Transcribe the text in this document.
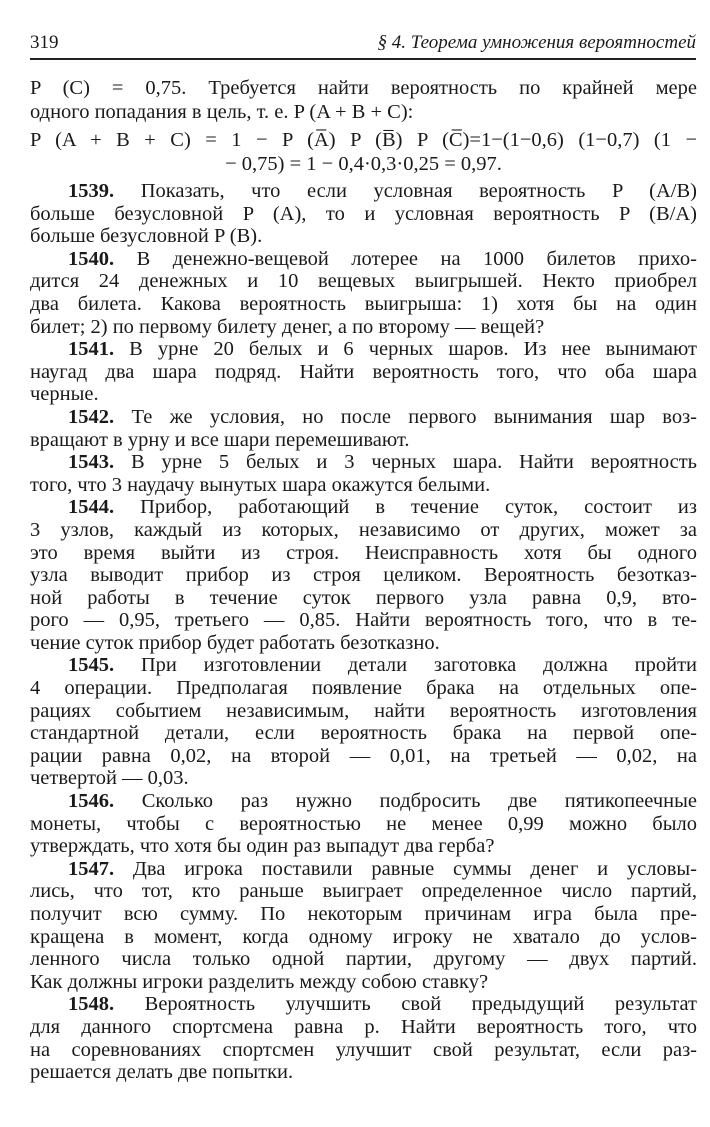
319	§ 4. Теорема умножения вероятностей
P (C) = 0,75. Требуется найти вероятность по крайней мере
одного попадания в цель, т. е. P (A + B + C):
P (A + B + C) = 1 − P (A̅) P (B̅) P (C̅)=1−(1−0,6) (1−0,7) (1 −
− 0,75) = 1 − 0,4·0,3·0,25 = 0,97.
1539. Показать, что если условная вероятность P (A/B)
больше безусловной P (A), то и условная вероятность P (B/A)
больше безусловной P (B).
1540. В денежно-вещевой лотерее на 1000 билетов прихо-
дится 24 денежных и 10 вещевых выигрышей. Некто приобрел
два билета. Какова вероятность выигрыша: 1) хотя бы на один
билет; 2) по первому билету денег, а по второму — вещей?
1541. В урне 20 белых и 6 черных шаров. Из нее вынимают
наугад два шара подряд. Найти вероятность того, что оба шара
черные.
1542. Те же условия, но после первого вынимания шар воз-
вращают в урну и все шари перемешивают.
1543. В урне 5 белых и 3 черных шара. Найти вероятность
того, что 3 наудачу вынутых шара окажутся белыми.
1544. Прибор, работающий в течение суток, состоит из
3 узлов, каждый из которых, независимо от других, может за
это время выйти из строя. Неисправность хотя бы одного
узла выводит прибор из строя целиком. Вероятность безотказ-
ной работы в течение суток первого узла равна 0,9, вто-
рого — 0,95, третьего — 0,85. Найти вероятность того, что в те-
чение суток прибор будет работать безотказно.
1545. При изготовлении детали заготовка должна пройти
4 операции. Предполагая появление брака на отдельных опе-
рациях событием независимым, найти вероятность изготовления
стандартной детали, если вероятность брака на первой опе-
рации равна 0,02, на второй — 0,01, на третьей — 0,02, на
четвертой — 0,03.
1546. Сколько раз нужно подбросить две пятикопеечные
монеты, чтобы с вероятностью не менее 0,99 можно было
утверждать, что хотя бы один раз выпадут два герба?
1547. Два игрока поставили равные суммы денег и условы-
лись, что тот, кто раньше выиграет определенное число партий,
получит всю сумму. По некоторым причинам игра была пре-
кращена в момент, когда одному игроку не хватало до услов-
ленного числа только одной партии, другому — двух партий.
Как должны игроки разделить между собою ставку?
1548. Вероятность улучшить свой предыдущий результат
для данного спортсмена равна p. Найти вероятность того, что
на соревнованиях спортсмен улучшит свой результат, если раз-
решается делать две попытки.
